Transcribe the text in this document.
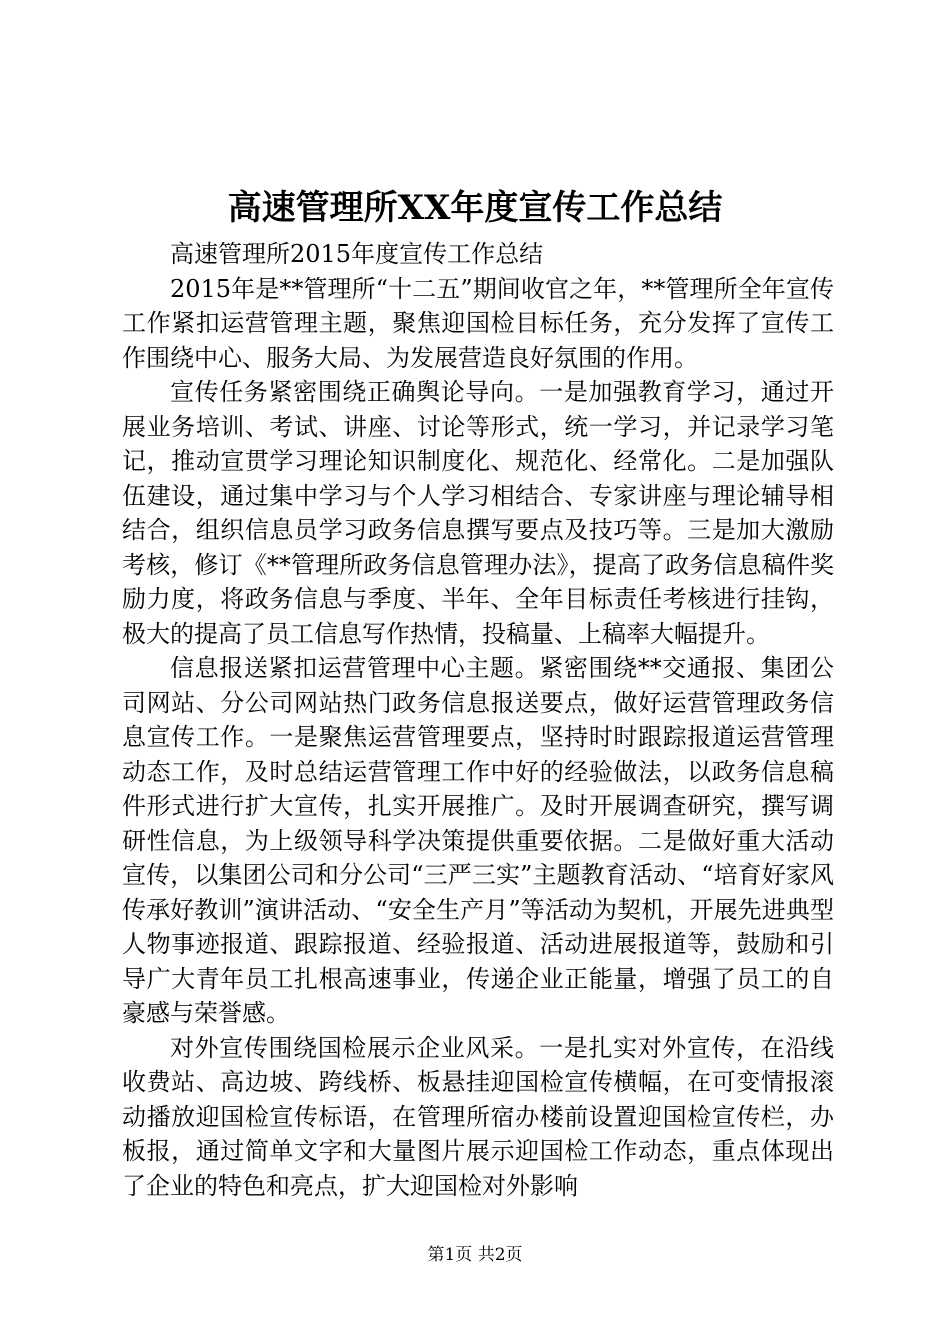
高速管理所XX年度宣传工作总结

高速管理所2015年度宣传工作总结

2015年是**管理所“十二五”期间收官之年，**管理所全年宣传工作紧扣运营管理主题，聚焦迎国检目标任务，充分发挥了宣传工作围绕中心、服务大局、为发展营造良好氛围的作用。

宣传任务紧密围绕正确舆论导向。一是加强教育学习，通过开展业务培训、考试、讲座、讨论等形式，统一学习，并记录学习笔记，推动宣贯学习理论知识制度化、规范化、经常化。二是加强队伍建设，通过集中学习与个人学习相结合、专家讲座与理论辅导相结合，组织信息员学习政务信息撰写要点及技巧等。三是加大激励考核，修订《**管理所政务信息管理办法》，提高了政务信息稿件奖励力度，将政务信息与季度、半年、全年目标责任考核进行挂钩，极大的提高了员工信息写作热情，投稿量、上稿率大幅提升。

信息报送紧扣运营管理中心主题。紧密围绕**交通报、集团公司网站、分公司网站热门政务信息报送要点，做好运营管理政务信息宣传工作。一是聚焦运营管理要点，坚持时时跟踪报道运营管理动态工作，及时总结运营管理工作中好的经验做法，以政务信息稿件形式进行扩大宣传，扎实开展推广。及时开展调查研究，撰写调研性信息，为上级领导科学决策提供重要依据。二是做好重大活动宣传，以集团公司和分公司“三严三实”主题教育活动、“培育好家风传承好教训”演讲活动、“安全生产月”等活动为契机，开展先进典型人物事迹报道、跟踪报道、经验报道、活动进展报道等，鼓励和引导广大青年员工扎根高速事业，传递企业正能量，增强了员工的自豪感与荣誉感。

对外宣传围绕国检展示企业风采。一是扎实对外宣传，在沿线收费站、高边坡、跨线桥、板悬挂迎国检宣传横幅，在可变情报滚动播放迎国检宣传标语，在管理所宿办楼前设置迎国检宣传栏，办板报，通过简单文字和大量图片展示迎国检工作动态，重点体现出了企业的特色和亮点，扩大迎国检对外影响

第1页 共2页
